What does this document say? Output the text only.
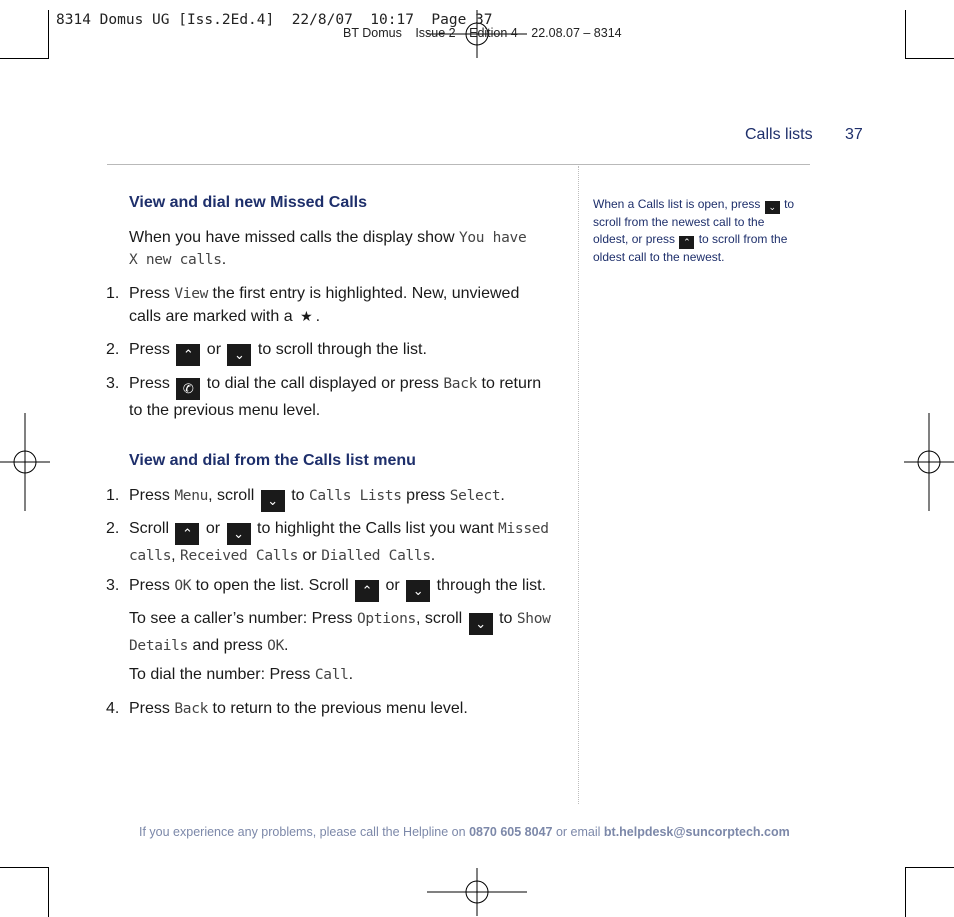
8314 Domus UG [Iss.2Ed.4]  22/8/07  10:17  Page 37
BT Domus Issue 2 Edition 4 22.08.07 – 8314
Calls lists 37
View and dial new Missed Calls
When you have missed calls the display show You have X new calls.
1. Press View the first entry is highlighted. New, unviewed calls are marked with a ★ .
2. Press ⌃ or ⌄ to scroll through the list.
3. Press ✆ to dial the call displayed or press Back to return to the previous menu level.
View and dial from the Calls list menu
1. Press Menu, scroll ⌄ to Calls Lists press Select.
2. Scroll ⌃ or ⌄ to highlight the Calls list you want Missed calls, Received Calls or Dialled Calls.
3. Press OK to open the list. Scroll ⌃ or ⌄ through the list.
To see a caller’s number: Press Options, scroll ⌄ to Show Details and press OK.
To dial the number: Press Call.
4. Press Back to return to the previous menu level.
When a Calls list is open, press ⌄ to scroll from the newest call to the oldest, or press ⌃ to scroll from the oldest call to the newest.
If you experience any problems, please call the Helpline on 0870 605 8047 or email bt.helpdesk@suncorptech.com
